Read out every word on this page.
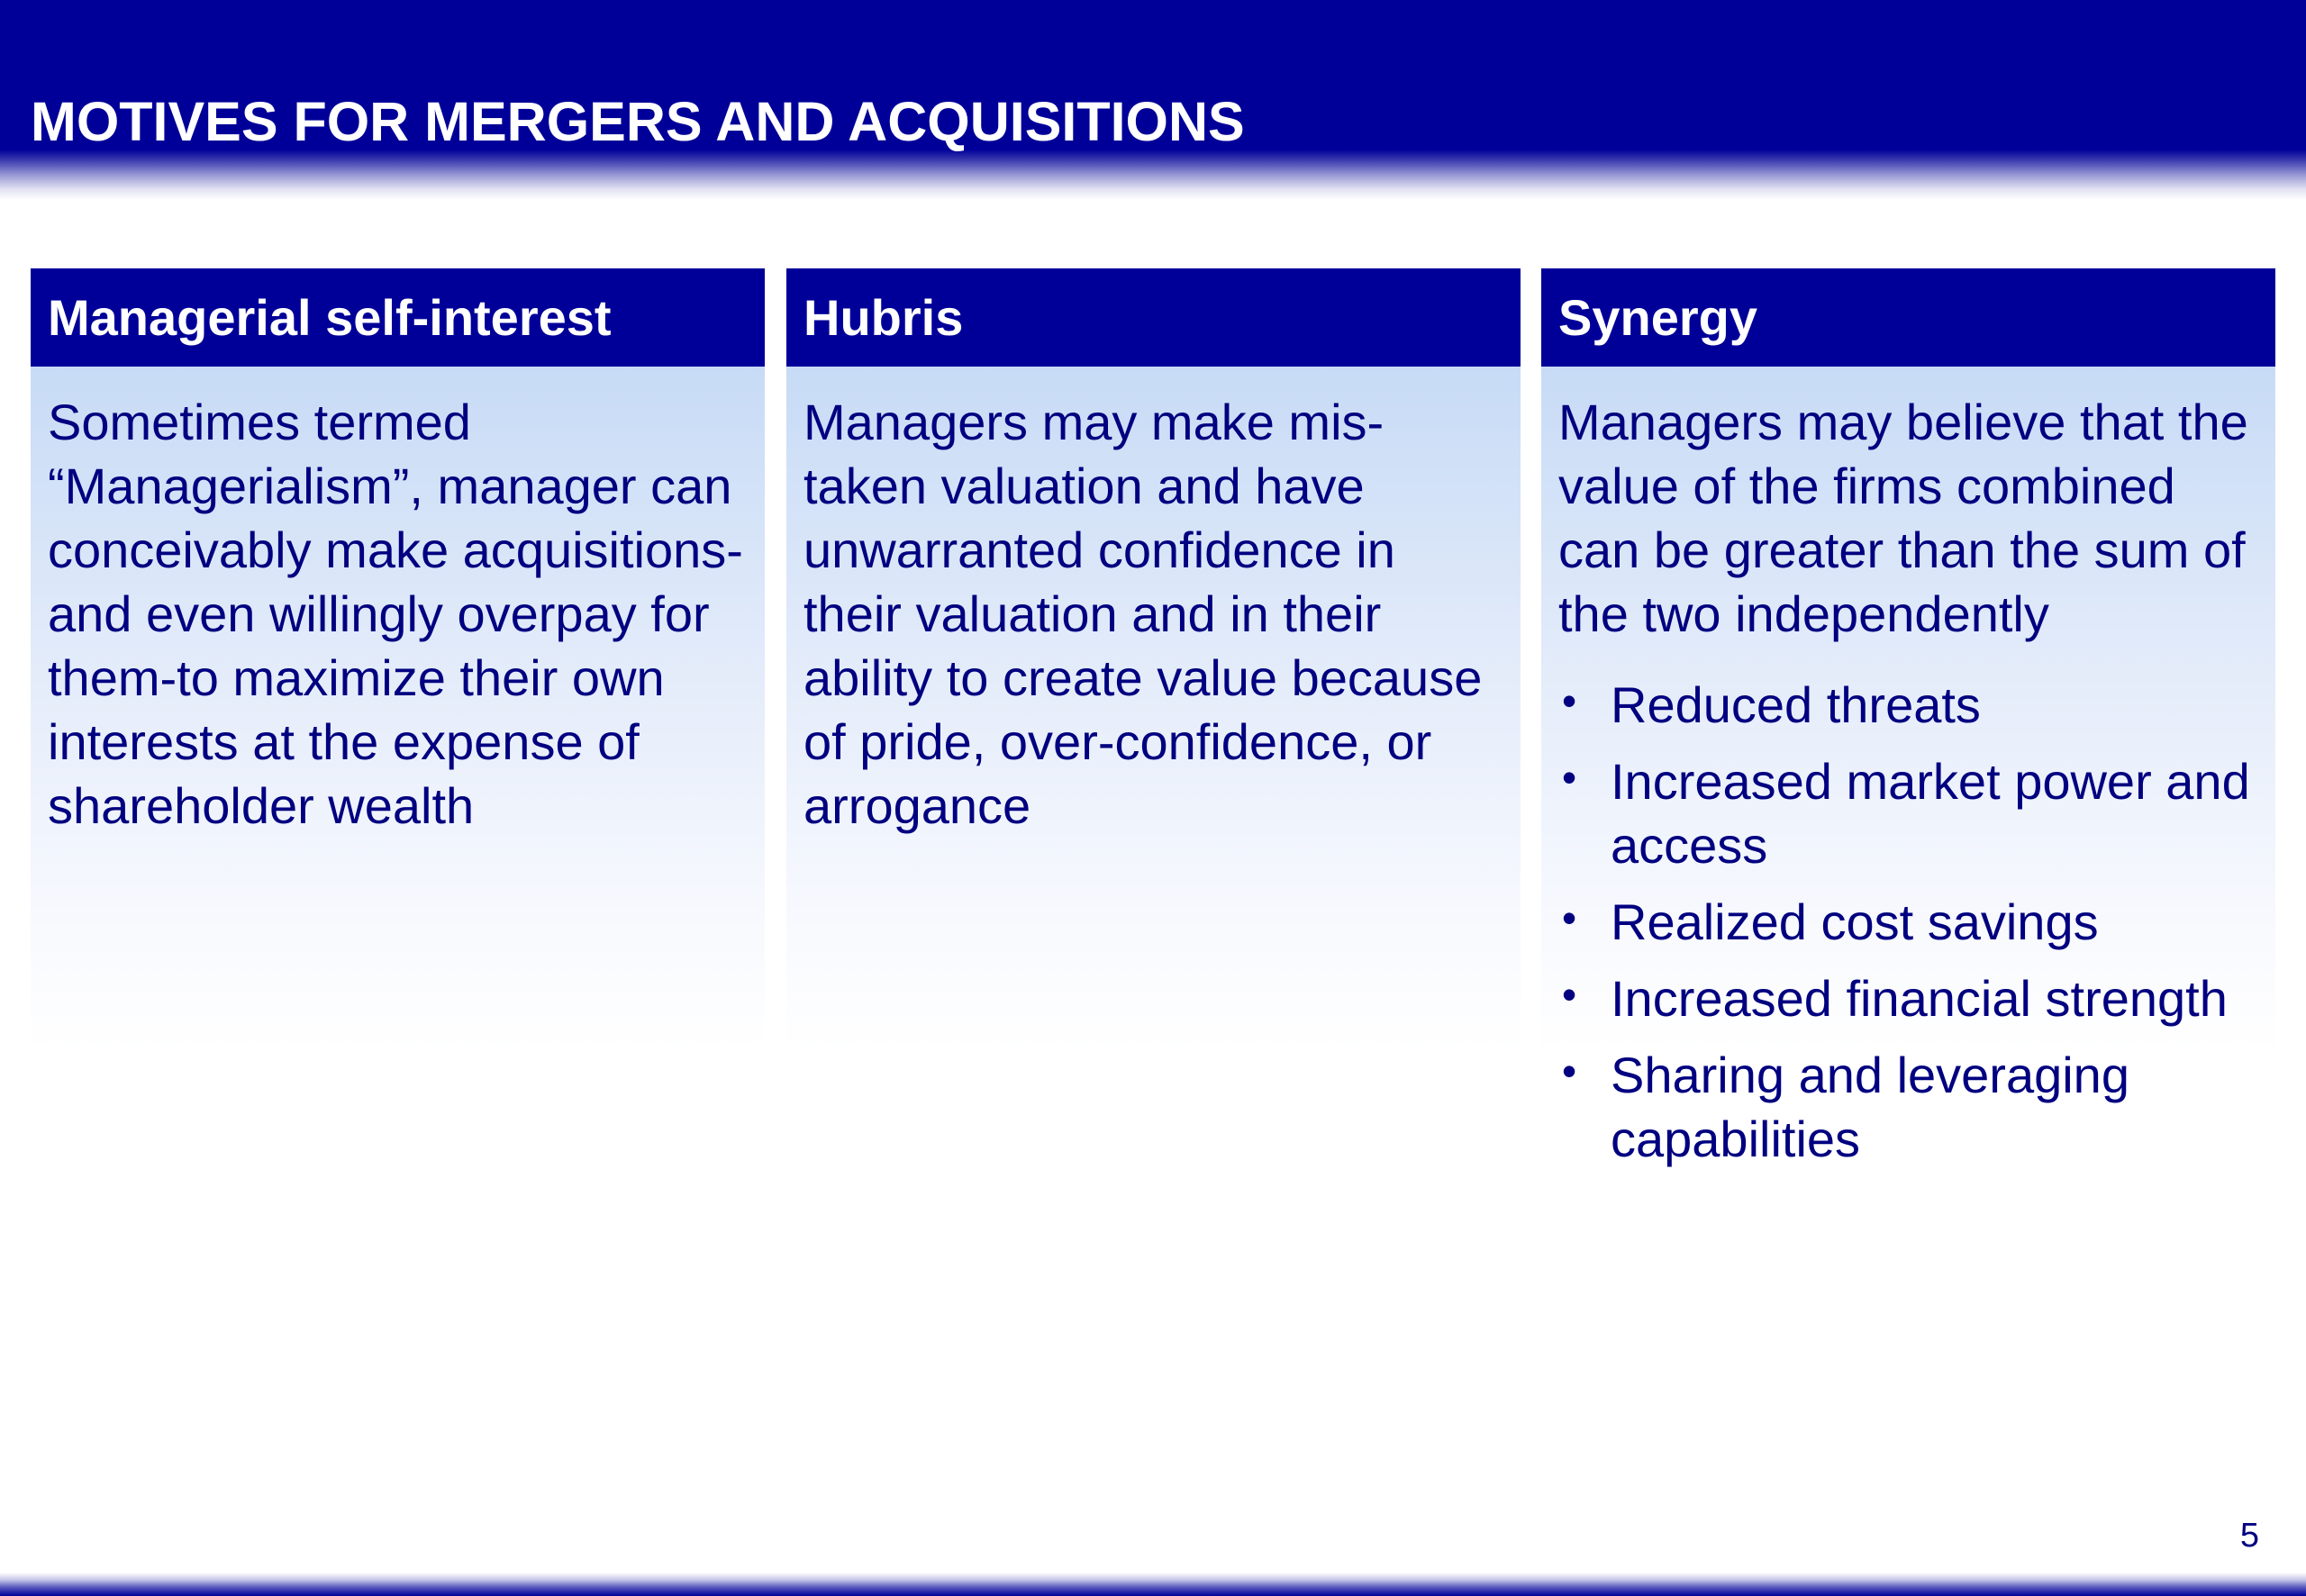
MOTIVES FOR MERGERS AND ACQUISITIONS
Managerial self-interest

Sometimes termed “Managerialism”, manager can conceivably make acquisitions-and even willingly overpay for them-to maximize their own interests at the expense of shareholder wealth

Hubris

Managers may make mis-taken valuation and have unwarranted confidence in their valuation and in their ability to create value because of pride, over-confidence, or arrogance

Synergy

Managers may believe that the value of the firms combined can be greater than the sum of the two independently

• Reduced threats
• Increased market power and access
• Realized cost savings
• Increased financial strength
• Sharing and leveraging capabilities
5
